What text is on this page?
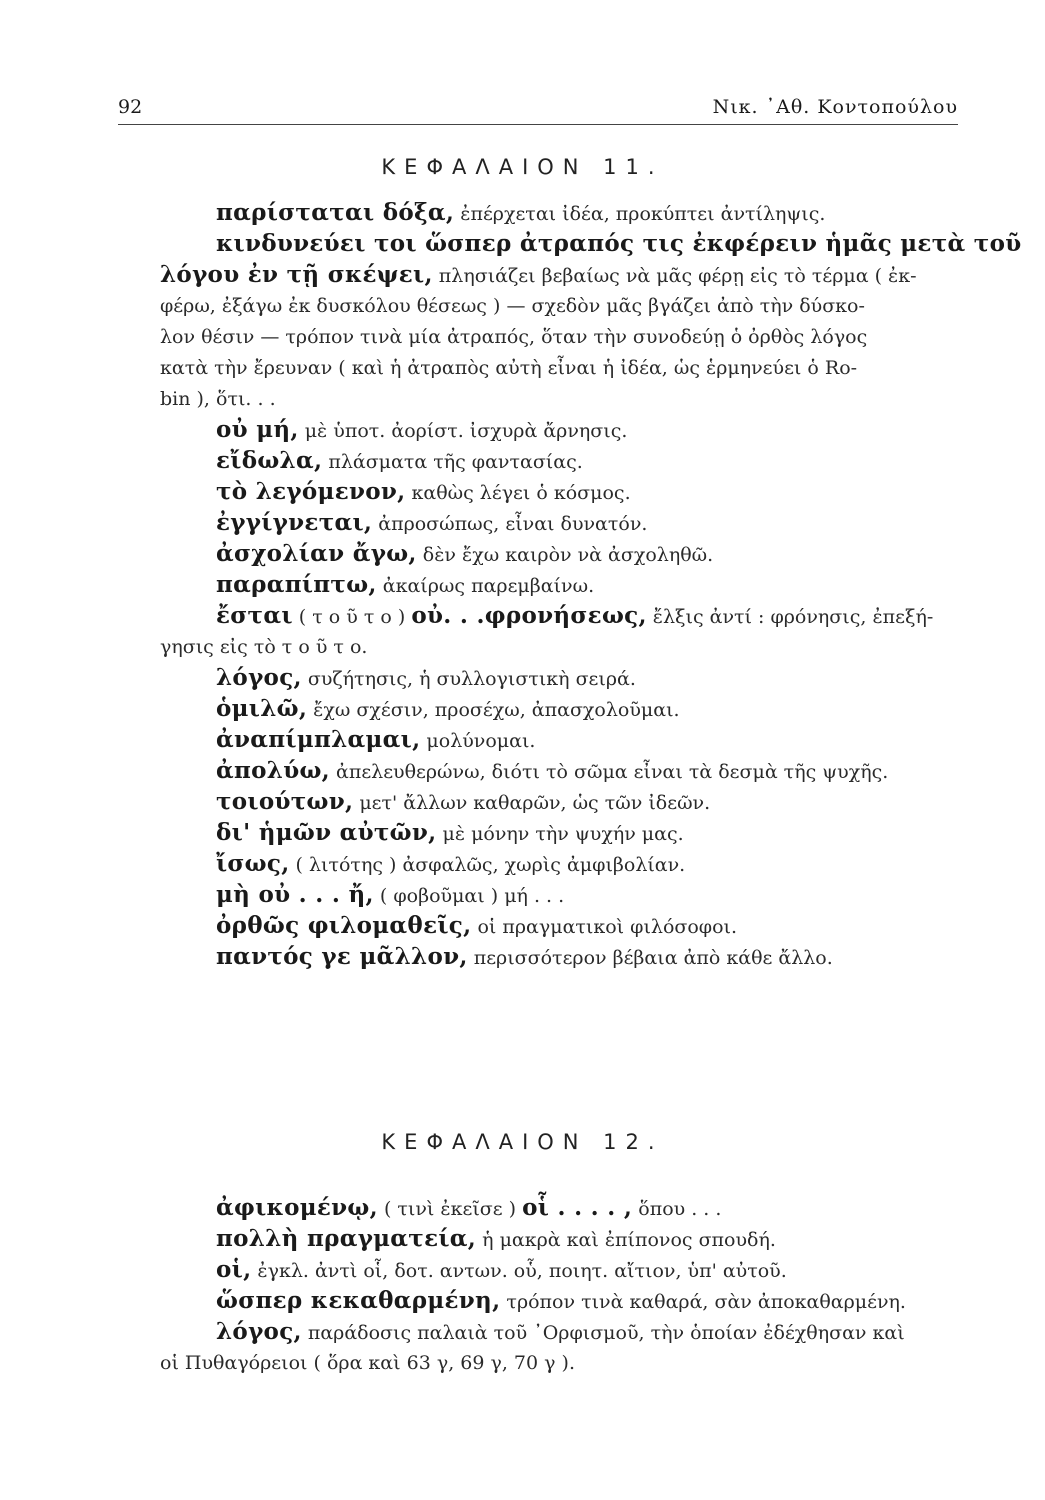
92	Νικ. ᾿Αθ. Κοντοπούλου
ΚΕΦΑΛΑΙΟΝ 11.

παρίσταται δόξα, ἐπέρχεται ἰδέα, προκύπτει ἀντίληψις.

κινδυνεύει τοι ὥσπερ ἀτραπός τις ἐκφέρειν ἡμᾶς μετὰ τοῦ

λόγου ἐν τῇ σκέψει, πλησιάζει βεβαίως νὰ μᾶς φέρῃ εἰς τὸ τέρμα ( ἐκ-

φέρω, ἐξάγω ἐκ δυσκόλου θέσεως ) — σχεδὸν μᾶς βγάζει ἀπὸ τὴν δύσκο-

λον θέσιν — τρόπον τινὰ μία ἀτραπός, ὅταν τὴν συνοδεύῃ ὁ ὀρθὸς λόγος

κατὰ τὴν ἔρευναν ( καὶ ἡ ἀτραπὸς αὐτὴ εἶναι ἡ ἰδέα, ὡς ἑρμηνεύει ὁ Ro-

bin ), ὅτι. . .

οὐ μή, μὲ ὑποτ. ἀορίστ. ἰσχυρὰ ἄρνησις.

εἴδωλα, πλάσματα τῆς φαντασίας.

τὸ λεγόμενον, καθὼς λέγει ὁ κόσμος.

ἐγγίγνεται, ἀπροσώπως, εἶναι δυνατόν.

ἀσχολίαν ἄγω, δὲν ἔχω καιρὸν νὰ ἀσχοληθῶ.

παραπίπτω, ἀκαίρως παρεμβαίνω.

ἔσται ( τ ο ῦ τ ο ) οὐ. . .φρονήσεως, ἔλξις ἀντί : φρόνησις, ἐπεξή-

γησις εἰς τὸ τ ο ῦ τ ο.

λόγος, συζήτησις, ἡ συλλογιστικὴ σειρά.

ὁμιλῶ, ἔχω σχέσιν, προσέχω, ἀπασχολοῦμαι.

ἀναπίμπλαμαι, μολύνομαι.

ἀπολύω, ἀπελευθερώνω, διότι τὸ σῶμα εἶναι τὰ δεσμὰ τῆς ψυχῆς.

τοιούτων, μετ' ἄλλων καθαρῶν, ὡς τῶν ἰδεῶν.

δι' ἡμῶν αὐτῶν, μὲ μόνην τὴν ψυχήν μας.

ἴσως, ( λιτότης ) ἀσφαλῶς, χωρὶς ἀμφιβολίαν.

μὴ οὐ . . . ἤ, ( φοβοῦμαι ) μή . . .

ὀρθῶς φιλομαθεῖς, οἱ πραγματικοὶ φιλόσοφοι.

παντός γε μᾶλλον, περισσότερον βέβαια ἀπὸ κάθε ἄλλο.

ΚΕΦΑΛΑΙΟΝ 12.

ἀφικομένῳ, ( τινὶ ἐκεῖσε ) οἷ . . . . , ὅπου . . .

πολλὴ πραγματεία, ἡ μακρὰ καὶ ἐπίπονος σπουδή.

οἱ, ἐγκλ. ἀντὶ οἷ, δοτ. αντων. οὗ, ποιητ. αἴτιον, ὑπ' αὐτοῦ.

ὥσπερ κεκαθαρμένη, τρόπον τινὰ καθαρά, σὰν ἀποκαθαρμένη.

λόγος, παράδοσις παλαιὰ τοῦ ᾿Ορφισμοῦ, τὴν ὁποίαν ἐδέχθησαν καὶ

οἱ Πυθαγόρειοι ( ὅρα καὶ 63 γ, 69 γ, 70 γ ).
